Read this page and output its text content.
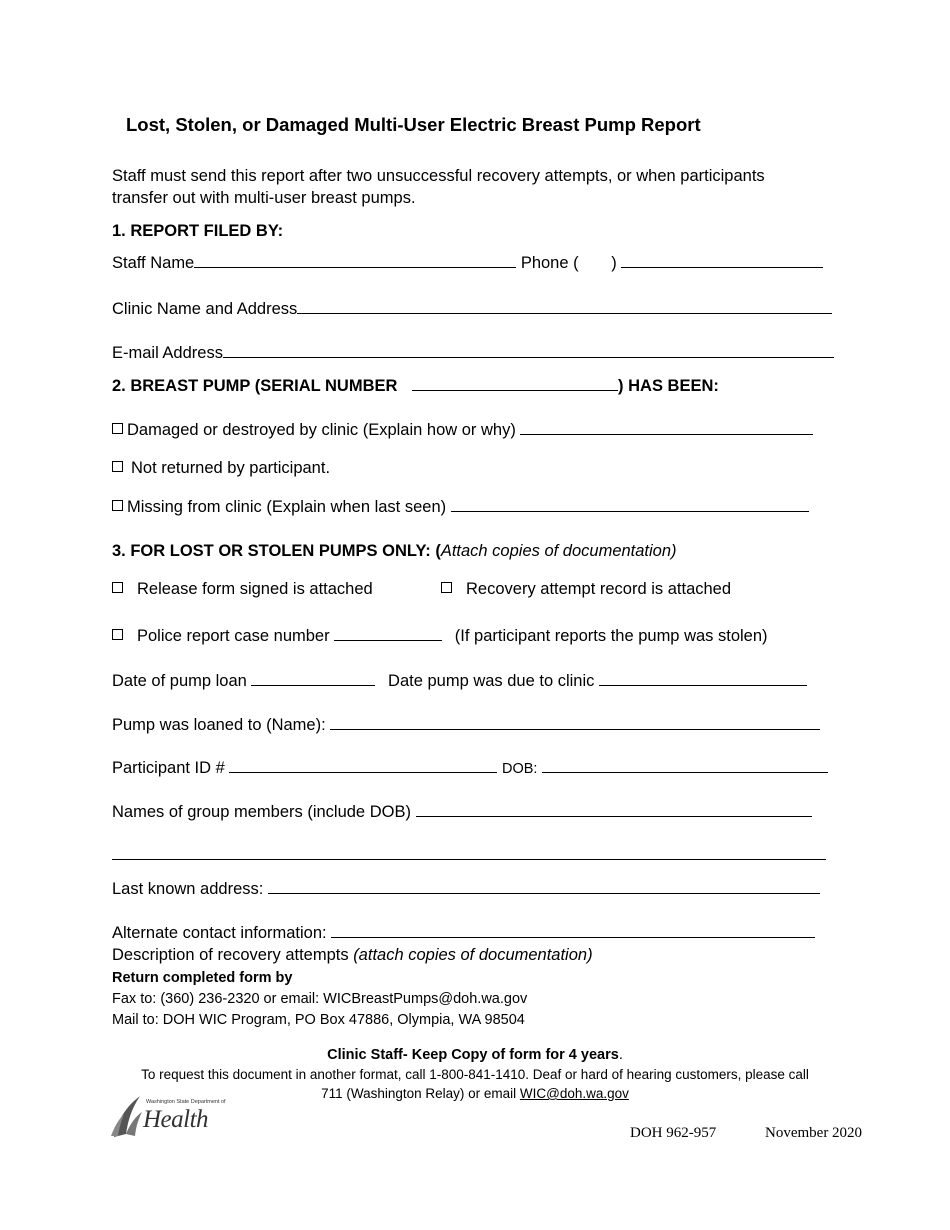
Lost, Stolen, or Damaged Multi-User Electric Breast Pump Report
Staff must send this report after two unsuccessful recovery attempts, or when participants
transfer out with multi-user breast pumps.
1. REPORT FILED BY:
Staff Name	Phone ( )
Clinic Name and Address
E-mail Address
2. BREAST PUMP (SERIAL NUMBER	) HAS BEEN:
Damaged or destroyed by clinic (Explain how or why)
Not returned by participant.
Missing from clinic (Explain when last seen)
3. FOR LOST OR STOLEN PUMPS ONLY: (Attach copies of documentation)
Release form signed is attached	Recovery attempt record is attached
Police report case number	(If participant reports the pump was stolen)
Date of pump loan	Date pump was due to clinic
Pump was loaned to (Name):
Participant ID #	DOB:
Names of group members (include DOB)
Last known address:
Alternate contact information:
Description of recovery attempts (attach copies of documentation)
Return completed form by
Fax to: (360) 236-2320 or email: WICBreastPumps@doh.wa.gov
Mail to: DOH WIC Program, PO Box 47886, Olympia, WA 98504
Clinic Staff- Keep Copy of form for 4 years.
To request this document in another format, call 1-800-841-1410. Deaf or hard of hearing customers, please call
711 (Washington Relay) or email WIC@doh.wa.gov
Washington State Department of
Health	DOH 962-957	November 2020
